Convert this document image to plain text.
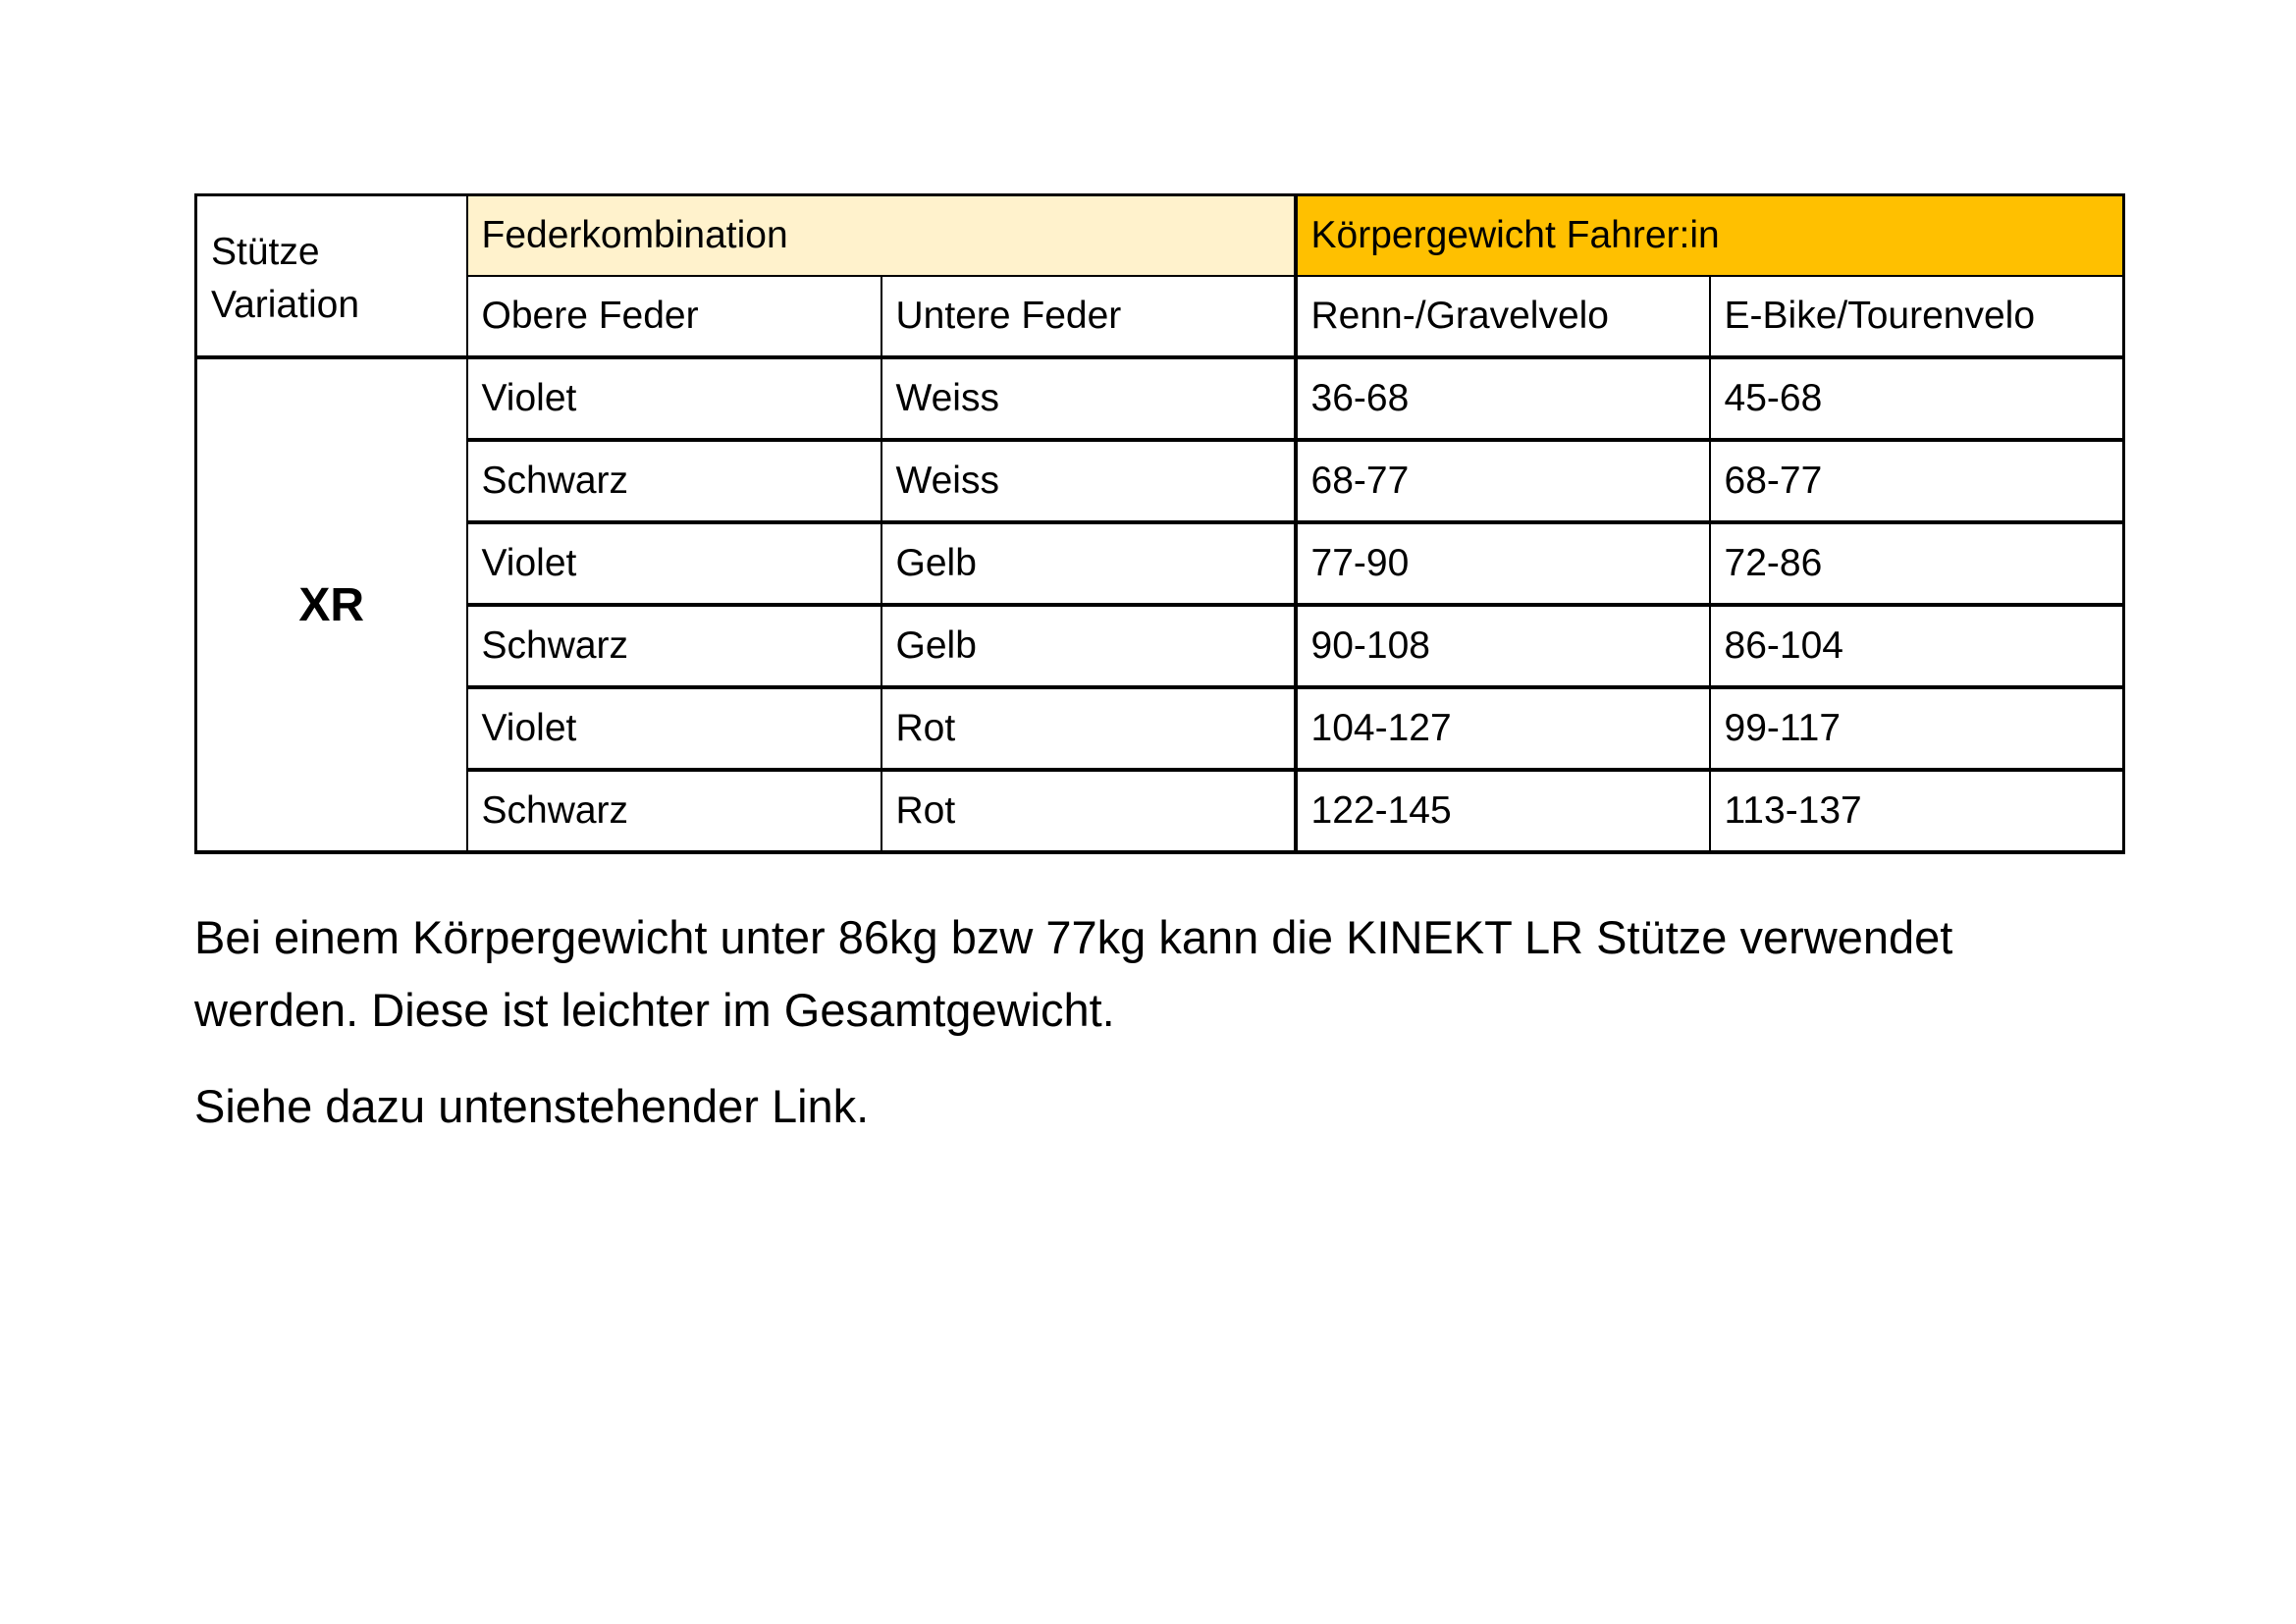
Stütze
Variation	Federkombination		Körpergewicht Fahrer:in	
	Obere Feder	Untere Feder	Renn-/Gravelvelo	E-Bike/Tourenvelo
XR	Violet	Weiss	36-68	45-68
	Schwarz	Weiss	68-77	68-77
	Violet	Gelb	77-90	72-86
	Schwarz	Gelb	90-108	86-104
	Violet	Rot	104-127	99-117
	Schwarz	Rot	122-145	113-137

Bei einem Körpergewicht unter 86kg bzw 77kg kann die KINEKT LR Stütze verwendet werden. Diese ist leichter im Gesamtgewicht.

Siehe dazu untenstehender Link.
